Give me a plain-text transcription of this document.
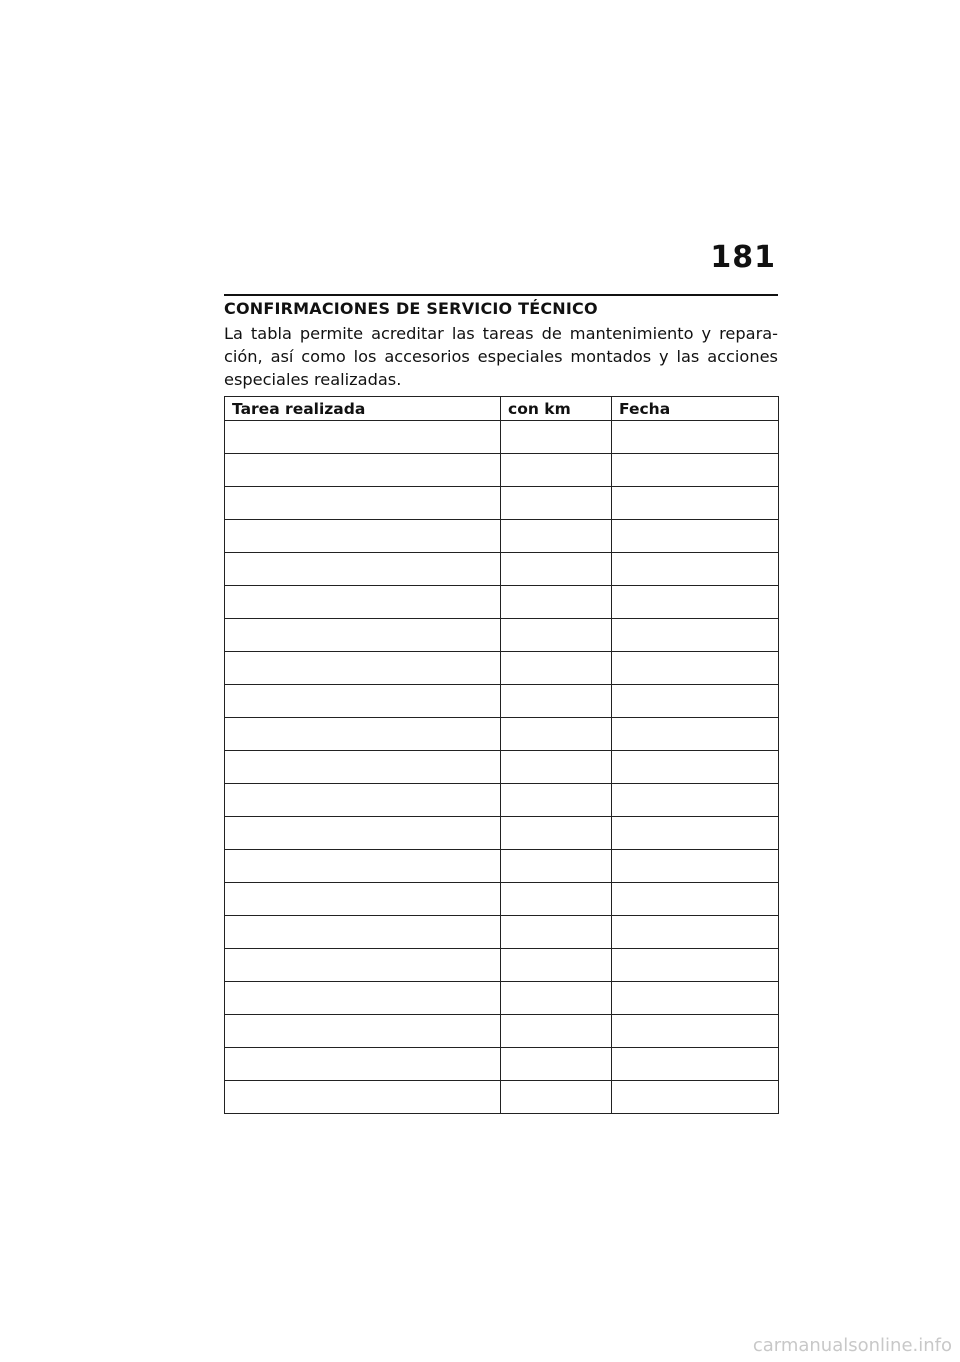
181
CONFIRMACIONES DE SERVICIO TÉCNICO

La tabla permite acreditar las tareas de mantenimiento y repara-
ción, así como los accesorios especiales montados y las acciones
especiales realizadas.

Tarea realizada	con km	Fecha

carmanualsonline.info
